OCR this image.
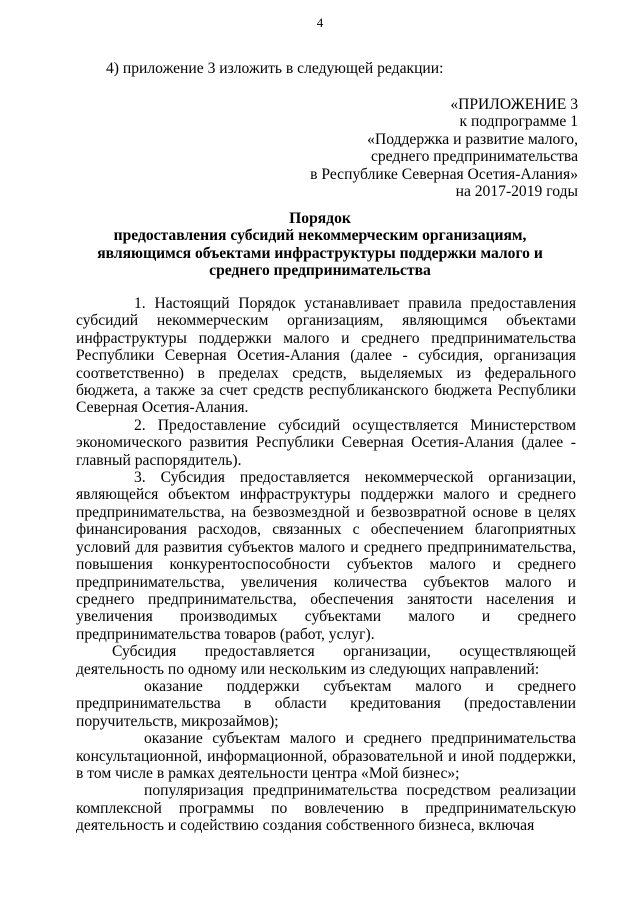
4
4) приложение 3 изложить в следующей редакции:
«ПРИЛОЖЕНИЕ 3
к подпрограмме 1
«Поддержка и развитие малого,
среднего предпринимательства
в Республике Северная Осетия-Алания»
на 2017-2019 годы
Порядок
предоставления субсидий некоммерческим организациям, являющимся объектами инфраструктуры поддержки малого и среднего предпринимательства

1. Настоящий Порядок устанавливает правила предоставления субсидий некоммерческим организациям, являющимся объектами инфраструктуры поддержки малого и среднего предпринимательства Республики Северная Осетия-Алания (далее - субсидия, организация соответственно) в пределах средств, выделяемых из федерального бюджета, а также за счет средств республиканского бюджета Республики Северная Осетия-Алания.

2. Предоставление субсидий осуществляется Министерством экономического развития Республики Северная Осетия-Алания (далее - главный распорядитель).

3. Субсидия предоставляется некоммерческой организации, являющейся объектом инфраструктуры поддержки малого и среднего предпринимательства, на безвозмездной и безвозвратной основе в целях финансирования расходов, связанных с обеспечением благоприятных условий для развития субъектов малого и среднего предпринимательства, повышения конкурентоспособности субъектов малого и среднего предпринимательства, увеличения количества субъектов малого и среднего предпринимательства, обеспечения занятости населения и увеличения производимых субъектами малого и среднего предпринимательства товаров (работ, услуг).

Субсидия предоставляется организации, осуществляющей деятельность по одному или нескольким из следующих направлений:

оказание поддержки субъектам малого и среднего предпринимательства в области кредитования (предоставлении поручительств, микрозаймов);

оказание субъектам малого и среднего предпринимательства консультационной, информационной, образовательной и иной поддержки, в том числе в рамках деятельности центра «Мой бизнес»;

популяризация предпринимательства посредством реализации комплексной программы по вовлечению в предпринимательскую деятельность и содействию создания собственного бизнеса, включая
